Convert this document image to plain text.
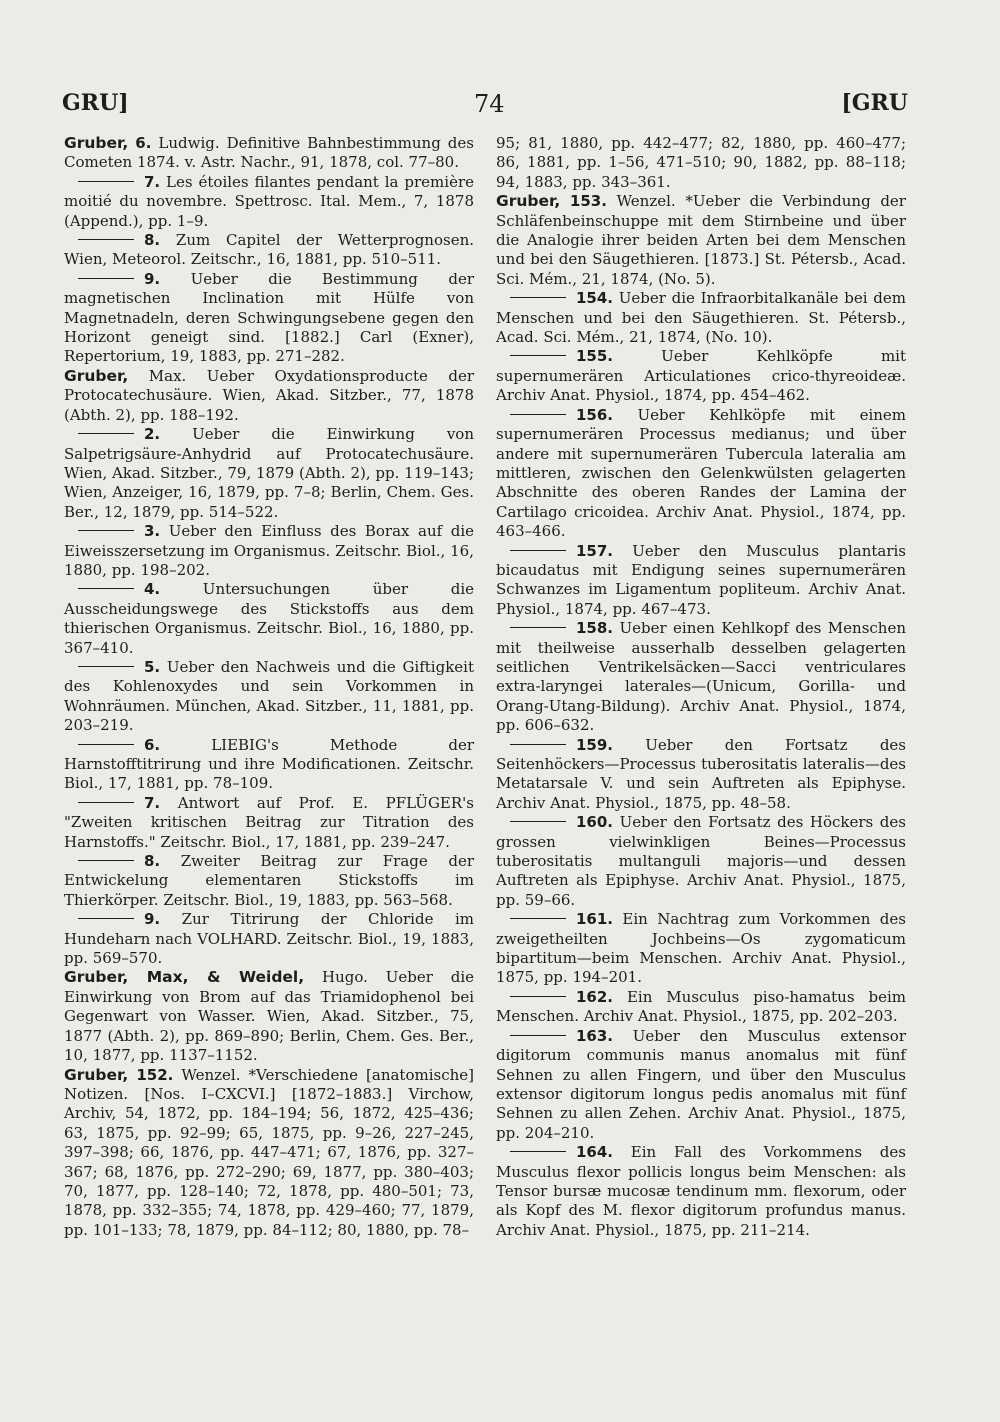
GRU]	74	[GRU

Gruber, 6. Ludwig. Definitive Bahnbestimmung des Cometen 1874. v. Astr. Nachr., 91, 1878, col. 77–80.

7. Les étoiles filantes pendant la première moitié du novembre. Spettrosc. Ital. Mem., 7, 1878 (Append.), pp. 1–9.

8. Zum Capitel der Wetterprognosen. Wien, Meteorol. Zeitschr., 16, 1881, pp. 510–511.

9. Ueber die Bestimmung der magnetischen Inclination mit Hülfe von Magnetnadeln, deren Schwingungsebene gegen den Horizont geneigt sind. [1882.] Carl (Exner), Repertorium, 19, 1883, pp. 271–282.

Gruber, Max. Ueber Oxydationsproducte der Protocatechusäure. Wien, Akad. Sitzber., 77, 1878 (Abth. 2), pp. 188–192.

2. Ueber die Einwirkung von Salpetrigsäure-Anhydrid auf Protocatechusäure. Wien, Akad. Sitzber., 79, 1879 (Abth. 2), pp. 119–143; Wien, Anzeiger, 16, 1879, pp. 7–8; Berlin, Chem. Ges. Ber., 12, 1879, pp. 514–522.

3. Ueber den Einfluss des Borax auf die Eiweisszersetzung im Organismus. Zeitschr. Biol., 16, 1880, pp. 198–202.

4. Untersuchungen über die Ausscheidungswege des Stickstoffs aus dem thierischen Organismus. Zeitschr. Biol., 16, 1880, pp. 367–410.

5. Ueber den Nachweis und die Giftigkeit des Kohlenoxydes und sein Vorkommen in Wohnräumen. München, Akad. Sitzber., 11, 1881, pp. 203–219.

6. LIEBIG's Methode der Harnstofftitrirung und ihre Modificationen. Zeitschr. Biol., 17, 1881, pp. 78–109.

7. Antwort auf Prof. E. PFLÜGER's "Zweiten kritischen Beitrag zur Titration des Harnstoffs." Zeitschr. Biol., 17, 1881, pp. 239–247.

8. Zweiter Beitrag zur Frage der Entwickelung elementaren Stickstoffs im Thierkörper. Zeitschr. Biol., 19, 1883, pp. 563–568.

9. Zur Titrirung der Chloride im Hundeharn nach VOLHARD. Zeitschr. Biol., 19, 1883, pp. 569–570.

Gruber, Max, & Weidel, Hugo. Ueber die Einwirkung von Brom auf das Triamidophenol bei Gegenwart von Wasser. Wien, Akad. Sitzber., 75, 1877 (Abth. 2), pp. 869–890; Berlin, Chem. Ges. Ber., 10, 1877, pp. 1137–1152.

Gruber, 152. Wenzel. *Verschiedene [anatomische] Notizen. [Nos. I–CXCVI.] [1872–1883.] Virchow, Archiv, 54, 1872, pp. 184–194; 56, 1872, 425–436; 63, 1875, pp. 92–99; 65, 1875, pp. 9–26, 227–245, 397–398; 66, 1876, pp. 447–471; 67, 1876, pp. 327–367; 68, 1876, pp. 272–290; 69, 1877, pp. 380–403; 70, 1877, pp. 128–140; 72, 1878, pp. 480–501; 73, 1878, pp. 332–355; 74, 1878, pp. 429–460; 77, 1879, pp. 101–133; 78, 1879, pp. 84–112; 80, 1880, pp. 78–

95; 81, 1880, pp. 442–477; 82, 1880, pp. 460–477; 86, 1881, pp. 1–56, 471–510; 90, 1882, pp. 88–118; 94, 1883, pp. 343–361.

Gruber, 153. Wenzel. *Ueber die Verbindung der Schläfenbeinschuppe mit dem Stirnbeine und über die Analogie ihrer beiden Arten bei dem Menschen und bei den Säugethieren. [1873.] St. Pétersb., Acad. Sci. Mém., 21, 1874, (No. 5).

154. Ueber die Infraorbitalkanäle bei dem Menschen und bei den Säugethieren. St. Pétersb., Acad. Sci. Mém., 21, 1874, (No. 10).

155. Ueber Kehlköpfe mit supernumerären Articulationes crico-thyreoideæ. Archiv Anat. Physiol., 1874, pp. 454–462.

156. Ueber Kehlköpfe mit einem supernumerären Processus medianus; und über andere mit supernumerären Tubercula lateralia am mittleren, zwischen den Gelenkwülsten gelagerten Abschnitte des oberen Randes der Lamina der Cartilago cricoidea. Archiv Anat. Physiol., 1874, pp. 463–466.

157. Ueber den Musculus plantaris bicaudatus mit Endigung seines supernumerären Schwanzes im Ligamentum popliteum. Archiv Anat. Physiol., 1874, pp. 467–473.

158. Ueber einen Kehlkopf des Menschen mit theilweise ausserhalb desselben gelagerten seitlichen Ventrikelsäcken—Sacci ventriculares extra-laryngei laterales—(Unicum, Gorilla- und Orang-Utang-Bildung). Archiv Anat. Physiol., 1874, pp. 606–632.

159. Ueber den Fortsatz des Seitenhöckers—Processus tuberositatis lateralis—des Metatarsale V. und sein Auftreten als Epiphyse. Archiv Anat. Physiol., 1875, pp. 48–58.

160. Ueber den Fortsatz des Höckers des grossen vielwinkligen Beines—Processus tuberositatis multanguli majoris—und dessen Auftreten als Epiphyse. Archiv Anat. Physiol., 1875, pp. 59–66.

161. Ein Nachtrag zum Vorkommen des zweigetheilten Jochbeins—Os zygomaticum bipartitum—beim Menschen. Archiv Anat. Physiol., 1875, pp. 194–201.

162. Ein Musculus piso-hamatus beim Menschen. Archiv Anat. Physiol., 1875, pp. 202–203.

163. Ueber den Musculus extensor digitorum communis manus anomalus mit fünf Sehnen zu allen Fingern, und über den Musculus extensor digitorum longus pedis anomalus mit fünf Sehnen zu allen Zehen. Archiv Anat. Physiol., 1875, pp. 204–210.

164. Ein Fall des Vorkommens des Musculus flexor pollicis longus beim Menschen: als Tensor bursæ mucosæ tendinum mm. flexorum, oder als Kopf des M. flexor digitorum profundus manus. Archiv Anat. Physiol., 1875, pp. 211–214.
